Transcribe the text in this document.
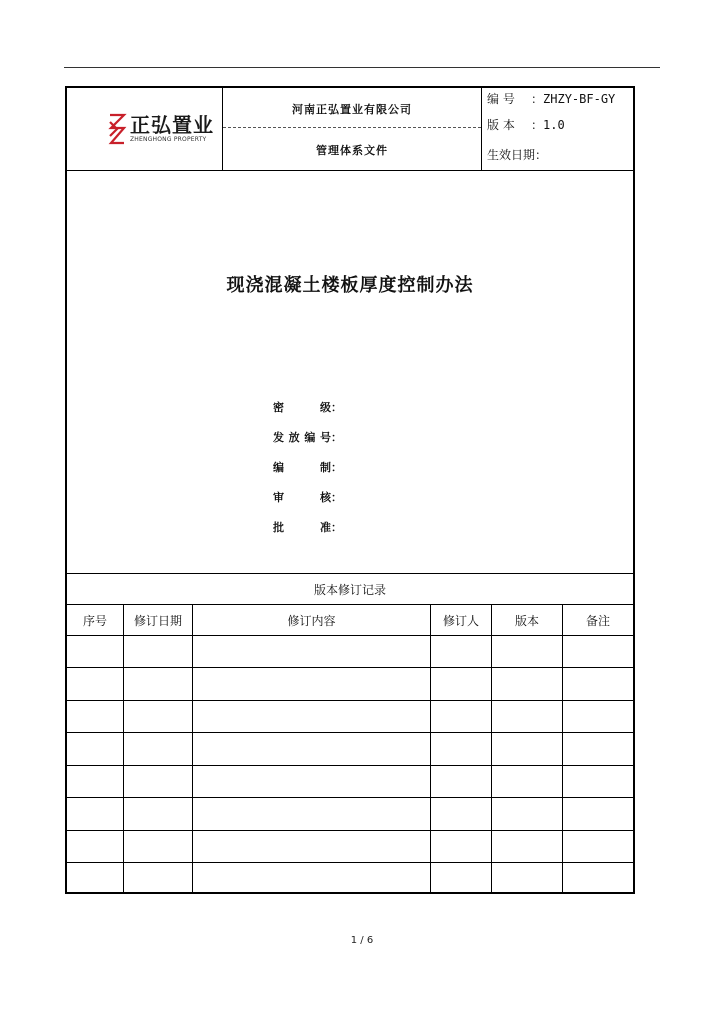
正弘置业
ZHENGHONG PROPERTY
河南正弘置业有限公司
管理体系文件
编 号 ：ZHZY-BF-GY
版 本 ：1.0
生效日期：
现浇混凝土楼板厚度控制办法
密级：
发放编号：
编制：
审核：
批准：
版本修订记录
序号	修订日期	修订内容	修订人	版本	备注
1 / 6
